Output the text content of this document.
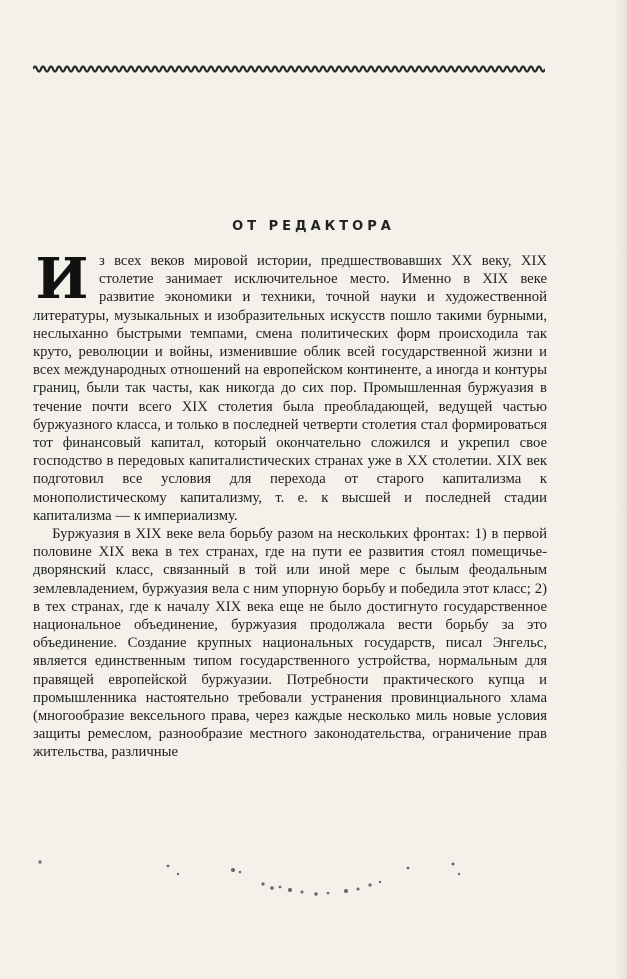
ОТ РЕДАКТОРА

Из всех веков мировой истории, предшествовавших XX веку, XIX столетие занимает исключительное место. Именно в XIX веке развитие экономики и техники, точной науки и художественной литературы, музыкальных и изобразительных искусств пошло такими бурными, неслыханно быстрыми темпами, смена политических форм происходила так круто, революции и войны, изменившие облик всей государственной жизни и всех международных отношений на европейском континенте, а иногда и контуры границ, были так часты, как никогда до сих пор. Промышленная буржуазия в течение почти всего XIX столетия была преобладающей, ведущей частью буржуазного класса, и только в последней четверти столетия стал формироваться тот финансовый капитал, который окончательно сложился и укрепил свое господство в передовых капиталистических странах уже в XX столетии. XIX век подготовил все условия для перехода от старого капитализма к монополистическому капитализму, т. е. к высшей и последней стадии капитализма — к империализму.

Буржуазия в XIX веке вела борьбу разом на нескольких фронтах: 1) в первой половине XIX века в тех странах, где на пути ее развития стоял помещичье-дворянский класс, связанный в той или иной мере с былым феодальным землевладением, буржуазия вела с ним упорную борьбу и победила этот класс; 2) в тех странах, где к началу XIX века еще не было достигнуто государственное национальное объединение, буржуазия продолжала вести борьбу за это объединение. Создание крупных национальных государств, писал Энгельс, является единственным типом государственного устройства, нормальным для правящей европейской буржуазии. Потребности практического купца и промышленника настоятельно требовали устранения провинциального хлама (многообразие вексельного права, через каждые несколько миль новые условия защиты ремеслом, разнообразие местного законодательства, ограничение прав жительства, различные
